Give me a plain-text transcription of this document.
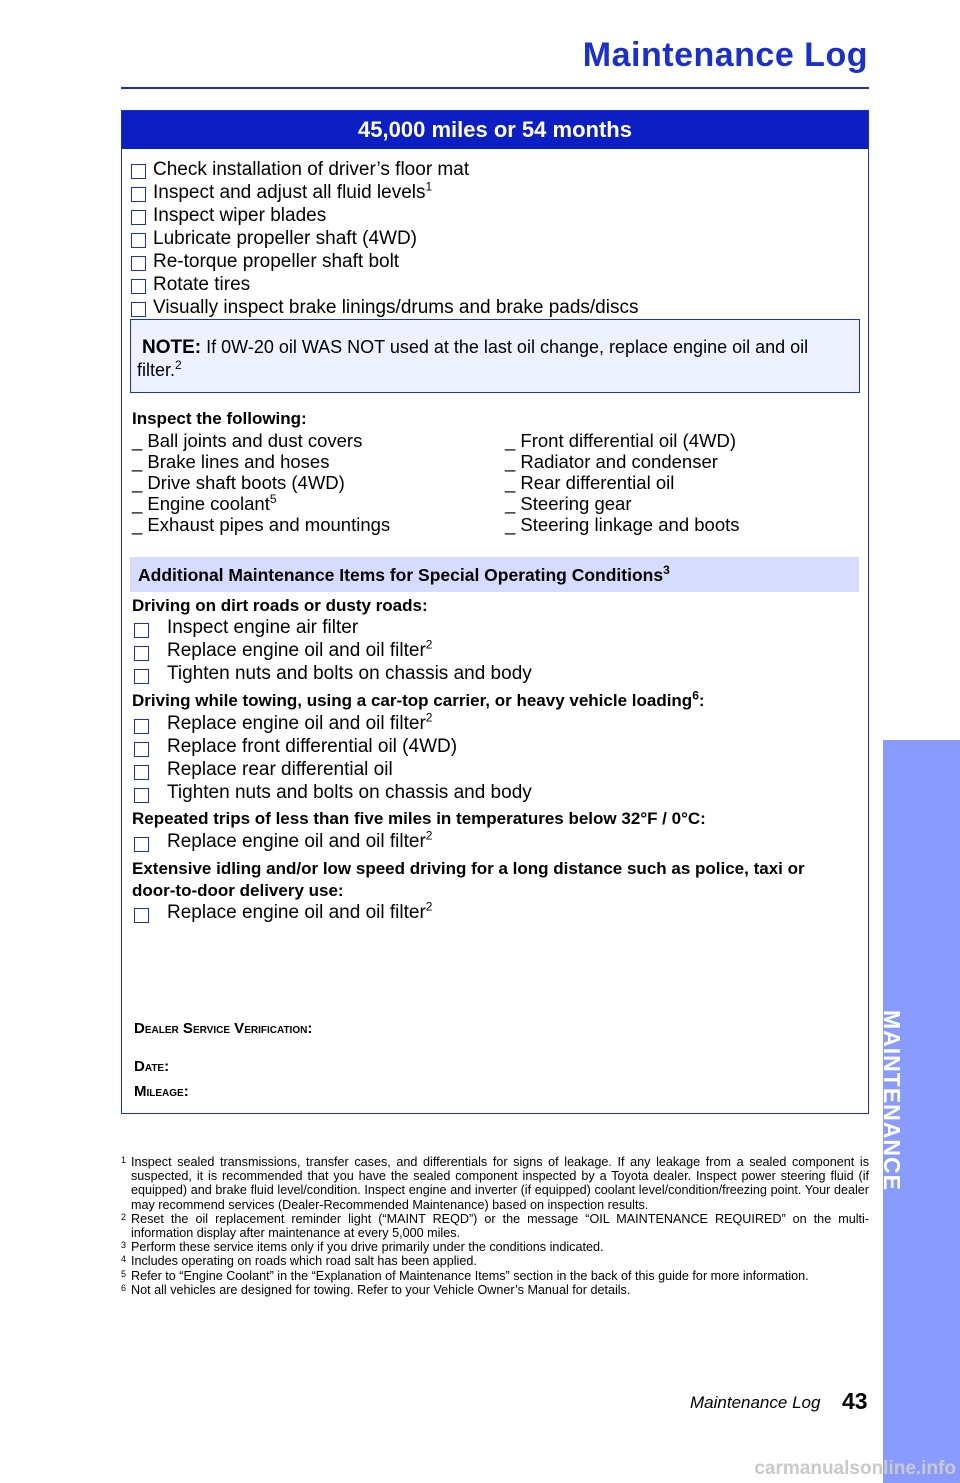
Maintenance Log
45,000 miles or 54 months
Check installation of driver’s floor mat
Inspect and adjust all fluid levels$^1$
Inspect wiper blades
Lubricate propeller shaft (4WD)
Re-torque propeller shaft bolt
Rotate tires
Visually inspect brake linings/drums and brake pads/discs
NOTE: If 0W-20 oil WAS NOT used at the last oil change, replace engine oil and oil filter.$^2$
Inspect the following:
_ Ball joints and dust covers
_ Brake lines and hoses
_ Drive shaft boots (4WD)
_ Engine coolant$^5$
_ Exhaust pipes and mountings
_ Front differential oil (4WD)
_ Radiator and condenser
_ Rear differential oil
_ Steering gear
_ Steering linkage and boots
Additional Maintenance Items for Special Operating Conditions$^3$
Driving on dirt roads or dusty roads:
Inspect engine air filter
Replace engine oil and oil filter$^2$
Tighten nuts and bolts on chassis and body
Driving while towing, using a car-top carrier, or heavy vehicle loading$^6$:
Replace engine oil and oil filter$^2$
Replace front differential oil (4WD)
Replace rear differential oil
Tighten nuts and bolts on chassis and body
Repeated trips of less than five miles in temperatures below 32°F / 0°C:
Replace engine oil and oil filter$^2$
Extensive idling and/or low speed driving for a long distance such as police, taxi or
door-to-door delivery use:
Replace engine oil and oil filter$^2$
DEALER SERVICE VERIFICATION:
DATE:
MILEAGE:
1 Inspect sealed transmissions, transfer cases, and differentials for signs of leakage. If any leakage from a sealed component is suspected, it is recommended that you have the sealed component inspected by a Toyota dealer. Inspect power steering fluid (if equipped) and brake fluid level/condition. Inspect engine and inverter (if equipped) coolant level/condition/freezing point. Your dealer may recommend services (Dealer-Recommended Maintenance) based on inspection results.
2 Reset the oil replacement reminder light (“MAINT REQD”) or the message “OIL MAINTENANCE REQUIRED” on the multi-information display after maintenance at every 5,000 miles.
3 Perform these service items only if you drive primarily under the conditions indicated.
4 Includes operating on roads which road salt has been applied.
5 Refer to “Engine Coolant” in the “Explanation of Maintenance Items” section in the back of this guide for more information.
6 Not all vehicles are designed for towing. Refer to your Vehicle Owner’s Manual for details.
Maintenance Log 43
MAINTENANCE
carmanualsonline.info
